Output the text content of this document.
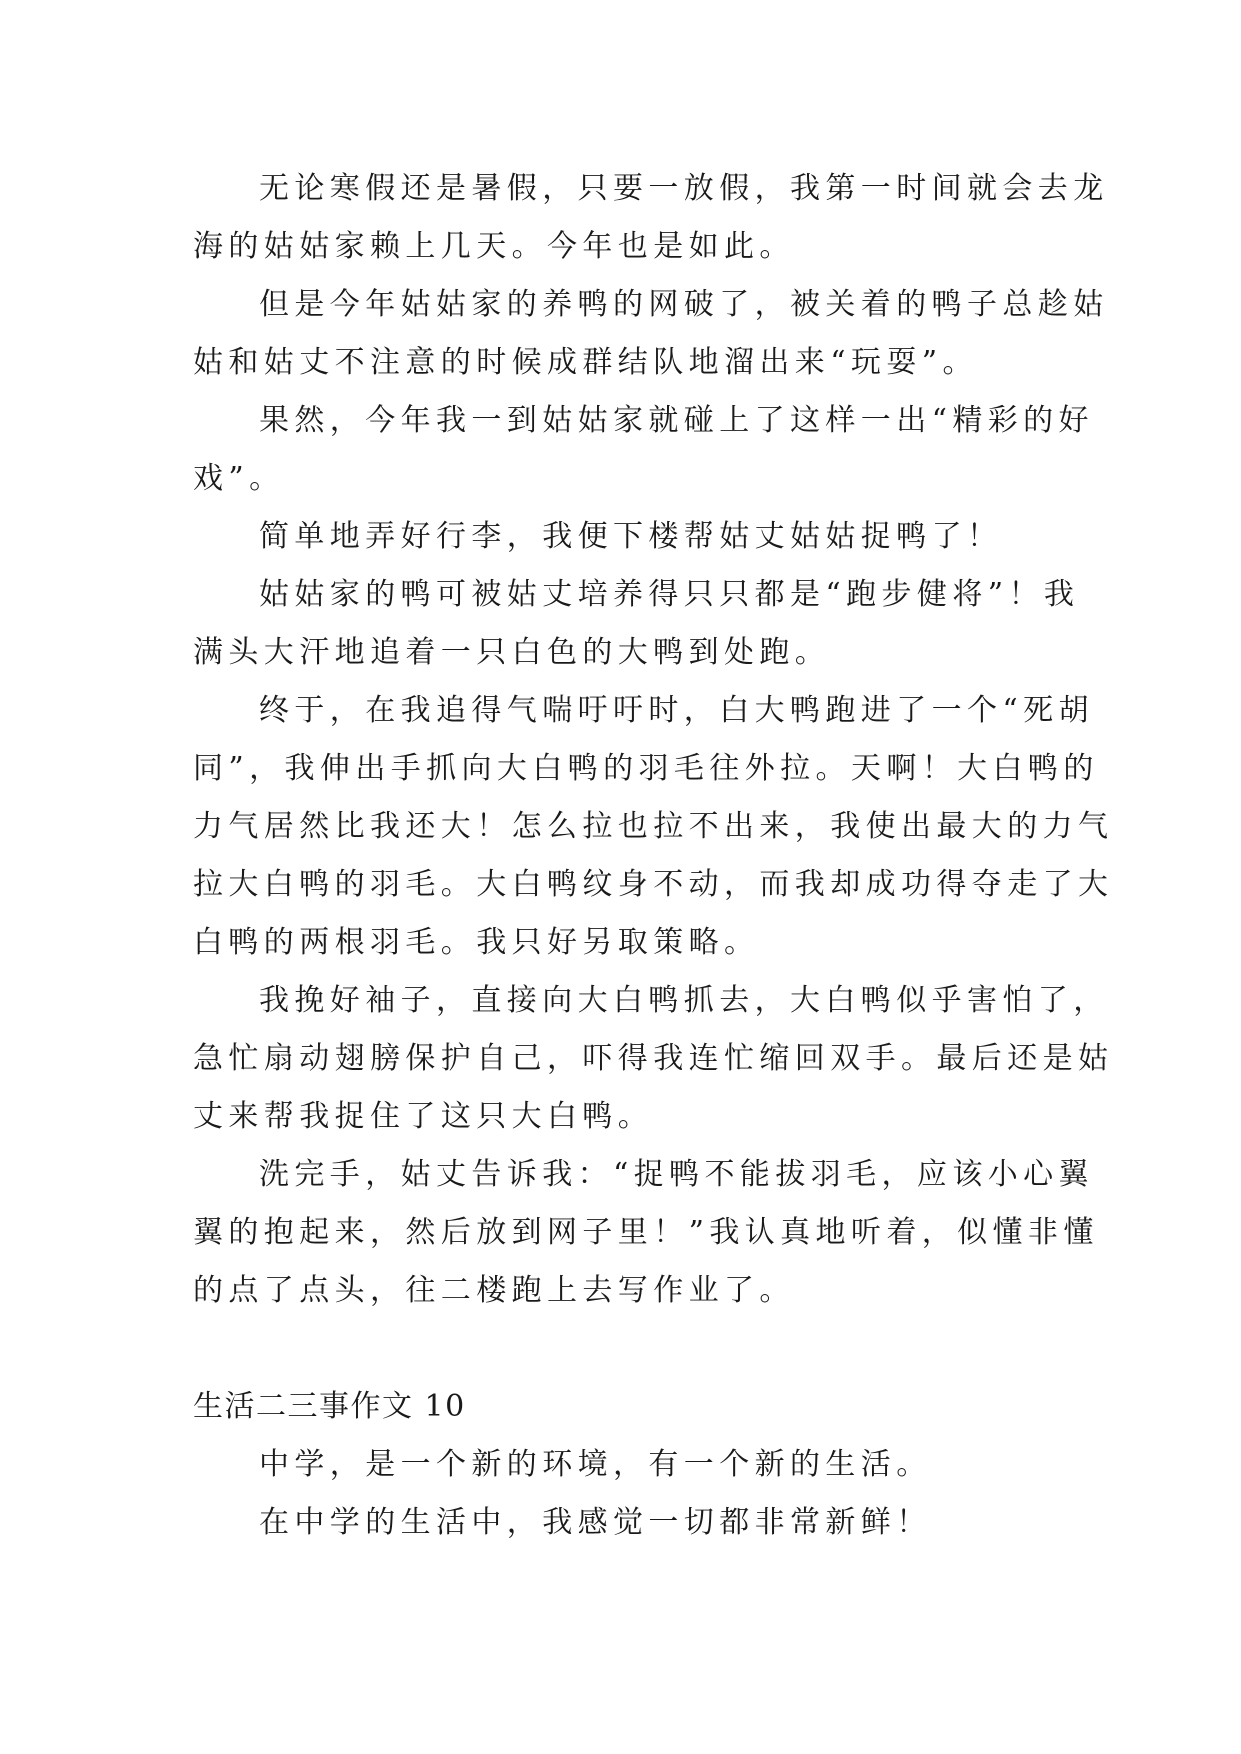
无论寒假还是暑假，只要一放假，我第一时间就会去龙
海的姑姑家赖上几天。今年也是如此。
但是今年姑姑家的养鸭的网破了，被关着的鸭子总趁姑
姑和姑丈不注意的时候成群结队地溜出来“玩耍”。
果然，今年我一到姑姑家就碰上了这样一出“精彩的好
戏”。
简单地弄好行李，我便下楼帮姑丈姑姑捉鸭了！
姑姑家的鸭可被姑丈培养得只只都是“跑步健将”！我
满头大汗地追着一只白色的大鸭到处跑。
终于，在我追得气喘吁吁时，白大鸭跑进了一个“死胡
同”，我伸出手抓向大白鸭的羽毛往外拉。天啊！大白鸭的
力气居然比我还大！怎么拉也拉不出来，我使出最大的力气
拉大白鸭的羽毛。大白鸭纹身不动，而我却成功得夺走了大
白鸭的两根羽毛。我只好另取策略。
我挽好袖子，直接向大白鸭抓去，大白鸭似乎害怕了，
急忙扇动翅膀保护自己，吓得我连忙缩回双手。最后还是姑
丈来帮我捉住了这只大白鸭。
洗完手，姑丈告诉我：“捉鸭不能拔羽毛，应该小心翼
翼的抱起来，然后放到网子里！”我认真地听着，似懂非懂
的点了点头，往二楼跑上去写作业了。
生活二三事作文 10
中学，是一个新的环境，有一个新的生活。
在中学的生活中，我感觉一切都非常新鲜！
